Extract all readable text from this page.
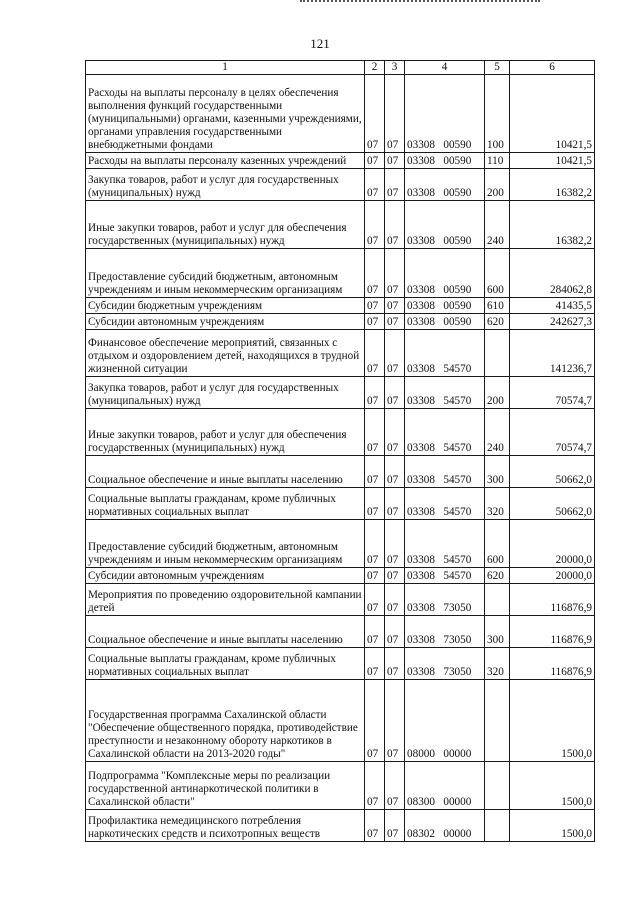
121
1	2	3	4	5	6
Расходы на выплаты персоналу в целях обеспечения выполнения функций государственными (муниципальными) органами, казенными учреждениями, органами управления государственными внебюджетными фондами	07	07	03308   00590	100	10421,5
Расходы на выплаты персоналу казенных учреждений	07	07	03308   00590	110	10421,5
Закупка товаров, работ и услуг для государственных (муниципальных) нужд	07	07	03308   00590	200	16382,2
Иные закупки товаров, работ и услуг для обеспечения государственных (муниципальных) нужд	07	07	03308   00590	240	16382,2
Предоставление субсидий бюджетным, автономным учреждениям и иным некоммерческим организациям	07	07	03308   00590	600	284062,8
Субсидии бюджетным учреждениям	07	07	03308   00590	610	41435,5
Субсидии автономным учреждениям	07	07	03308   00590	620	242627,3
Финансовое обеспечение мероприятий, связанных с отдыхом и оздоровлением детей, находящихся в трудной жизненной ситуации	07	07	03308   54570		141236,7
Закупка товаров, работ и услуг для государственных (муниципальных) нужд	07	07	03308   54570	200	70574,7
Иные закупки товаров, работ и услуг для обеспечения государственных (муниципальных) нужд	07	07	03308   54570	240	70574,7
Социальное обеспечение и иные выплаты населению	07	07	03308   54570	300	50662,0
Социальные выплаты гражданам, кроме публичных нормативных социальных выплат	07	07	03308   54570	320	50662,0
Предоставление субсидий бюджетным, автономным учреждениям и иным некоммерческим организациям	07	07	03308   54570	600	20000,0
Субсидии автономным учреждениям	07	07	03308   54570	620	20000,0
Мероприятия по проведению оздоровительной кампании детей	07	07	03308   73050		116876,9
Социальное обеспечение и иные выплаты населению	07	07	03308   73050	300	116876,9
Социальные выплаты гражданам, кроме публичных нормативных социальных выплат	07	07	03308   73050	320	116876,9
Государственная программа Сахалинской области "Обеспечение общественного порядка, противодействие преступности и незаконному обороту наркотиков в Сахалинской области на 2013-2020 годы"	07	07	08000   00000		1500,0
Подпрограмма "Комплексные меры по реализации государственной антинаркотической политики в Сахалинской области"	07	07	08300   00000		1500,0
Профилактика немедицинского потребления наркотических средств и психотропных веществ	07	07	08302   00000		1500,0
